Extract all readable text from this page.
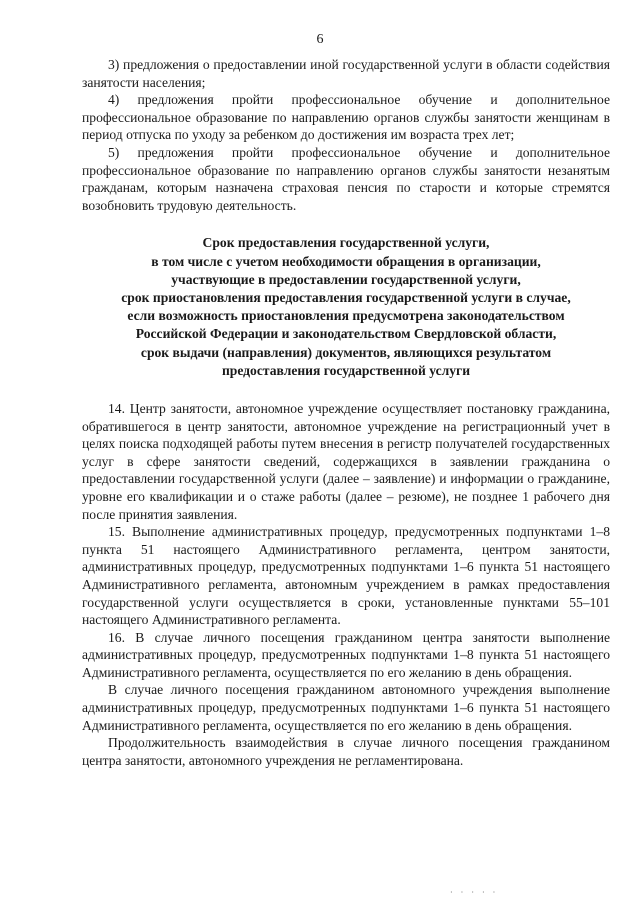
6

3) предложения о предоставлении иной государственной услуги в области содействия занятости населения;

4) предложения пройти профессиональное обучение и дополнительное профессиональное образование по направлению органов службы занятости женщинам в период отпуска по уходу за ребенком до достижения им возраста трех лет;

5) предложения пройти профессиональное обучение и дополнительное профессиональное образование по направлению органов службы занятости незанятым гражданам, которым назначена страховая пенсия по старости и которые стремятся возобновить трудовую деятельность.

Срок предоставления государственной услуги,
в том числе с учетом необходимости обращения в организации,
участвующие в предоставлении государственной услуги,
срок приостановления предоставления государственной услуги в случае,
если возможность приостановления предусмотрена законодательством
Российской Федерации и законодательством Свердловской области,
срок выдачи (направления) документов, являющихся результатом
предоставления государственной услуги

14. Центр занятости, автономное учреждение осуществляет постановку гражданина, обратившегося в центр занятости, автономное учреждение на регистрационный учет в целях поиска подходящей работы путем внесения в регистр получателей государственных услуг в сфере занятости сведений, содержащихся в заявлении гражданина о предоставлении государственной услуги (далее – заявление) и информации о гражданине, уровне его квалификации и о стаже работы (далее – резюме), не позднее 1 рабочего дня после принятия заявления.

15. Выполнение административных процедур, предусмотренных подпунктами 1–8 пункта 51 настоящего Административного регламента, центром занятости, административных процедур, предусмотренных подпунктами 1–6 пункта 51 настоящего Административного регламента, автономным учреждением в рамках предоставления государственной услуги осуществляется в сроки, установленные пунктами 55–101 настоящего Административного регламента.

16. В случае личного посещения гражданином центра занятости выполнение административных процедур, предусмотренных подпунктами 1–8 пункта 51 настоящего Административного регламента, осуществляется по его желанию в день обращения.

В случае личного посещения гражданином автономного учреждения выполнение административных процедур, предусмотренных подпунктами 1–6 пункта 51 настоящего Административного регламента, осуществляется по его желанию в день обращения.

Продолжительность взаимодействия в случае личного посещения гражданином центра занятости, автономного учреждения не регламентирована.

· · · · ·
